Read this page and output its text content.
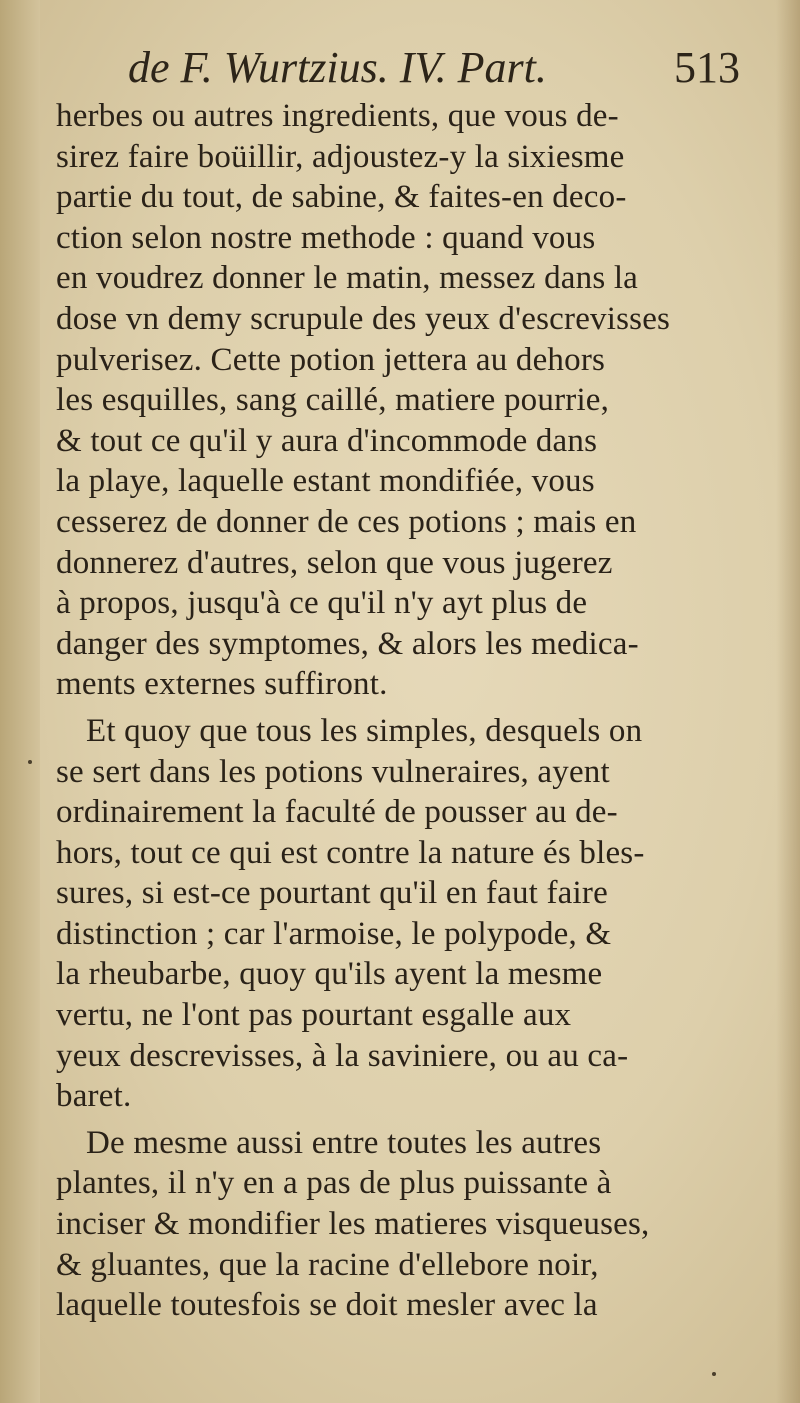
de F. Wurtzius. IV. Part.	513
herbes ou autres ingredients, que vous de-
sirez faire boüillir, adjoustez-y la sixiesme
partie du tout, de sabine, & faites-en deco-
ction selon nostre methode : quand vous
en voudrez donner le matin, messez dans la
dose vn demy scrupule des yeux d'escrevisses
pulverisez. Cette potion jettera au dehors
les esquilles, sang caillé, matiere pourrie,
& tout ce qu'il y aura d'incommode dans
la playe, laquelle estant mondifiée, vous
cesserez de donner de ces potions ; mais en
donnerez d'autres, selon que vous jugerez
à propos, jusqu'à ce qu'il n'y ayt plus de
danger des symptomes, & alors les medica-
ments externes suffiront.
Et quoy que tous les simples, desquels on
se sert dans les potions vulneraires, ayent
ordinairement la faculté de pousser au de-
hors, tout ce qui est contre la nature és bles-
sures, si est-ce pourtant qu'il en faut faire
distinction ; car l'armoise, le polypode, &
la rheubarbe, quoy qu'ils ayent la mesme
vertu, ne l'ont pas pourtant esgalle aux
yeux descrevisses, à la saviniere, ou au ca-
baret.
De mesme aussi entre toutes les autres
plantes, il n'y en a pas de plus puissante à
inciser & mondifier les matieres visqueuses,
& gluantes, que la racine d'ellebore noir,
laquelle toutesfois se doit mesler avec la
